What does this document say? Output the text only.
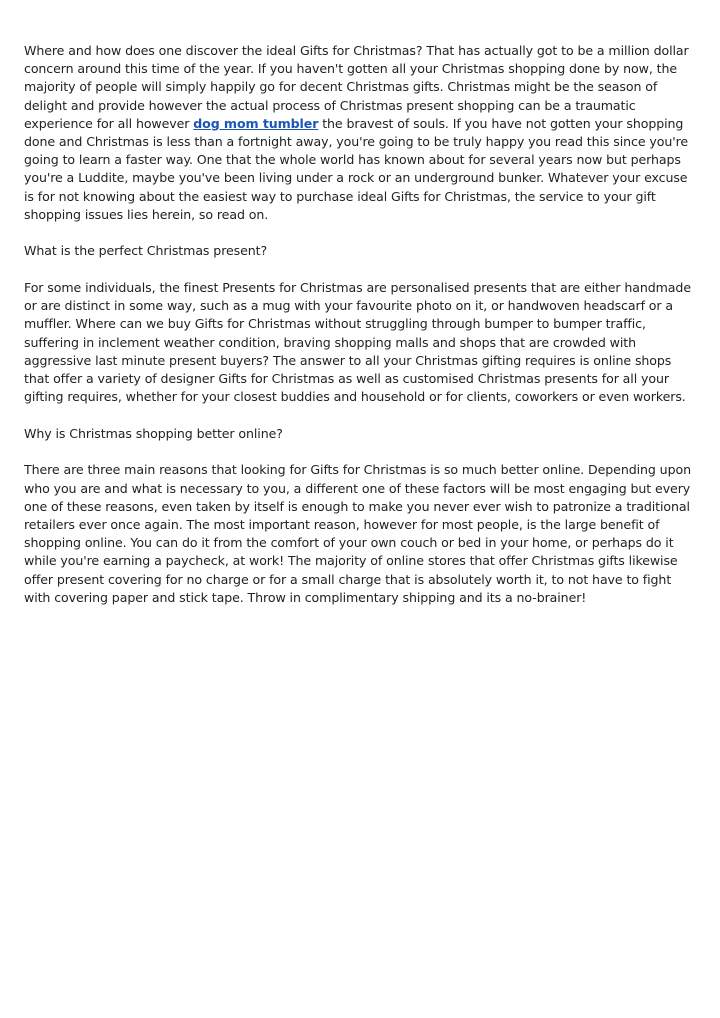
Where and how does one discover the ideal Gifts for Christmas? That has actually got to be a million dollar concern around this time of the year. If you haven't gotten all your Christmas shopping done by now, the majority of people will simply happily go for decent Christmas gifts. Christmas might be the season of delight and provide however the actual process of Christmas present shopping can be a traumatic experience for all however dog mom tumbler the bravest of souls. If you have not gotten your shopping done and Christmas is less than a fortnight away, you're going to be truly happy you read this since you're going to learn a faster way. One that the whole world has known about for several years now but perhaps you're a Luddite, maybe you've been living under a rock or an underground bunker. Whatever your excuse is for not knowing about the easiest way to purchase ideal Gifts for Christmas, the service to your gift shopping issues lies herein, so read on.

What is the perfect Christmas present?

For some individuals, the finest Presents for Christmas are personalised presents that are either handmade or are distinct in some way, such as a mug with your favourite photo on it, or handwoven headscarf or a muffler. Where can we buy Gifts for Christmas without struggling through bumper to bumper traffic, suffering in inclement weather condition, braving shopping malls and shops that are crowded with aggressive last minute present buyers? The answer to all your Christmas gifting requires is online shops that offer a variety of designer Gifts for Christmas as well as customised Christmas presents for all your gifting requires, whether for your closest buddies and household or for clients, coworkers or even workers.

Why is Christmas shopping better online?

There are three main reasons that looking for Gifts for Christmas is so much better online. Depending upon who you are and what is necessary to you, a different one of these factors will be most engaging but every one of these reasons, even taken by itself is enough to make you never ever wish to patronize a traditional retailers ever once again. The most important reason, however for most people, is the large benefit of shopping online. You can do it from the comfort of your own couch or bed in your home, or perhaps do it while you're earning a paycheck, at work! The majority of online stores that offer Christmas gifts likewise offer present covering for no charge or for a small charge that is absolutely worth it, to not have to fight with covering paper and stick tape. Throw in complimentary shipping and its a no-brainer!
